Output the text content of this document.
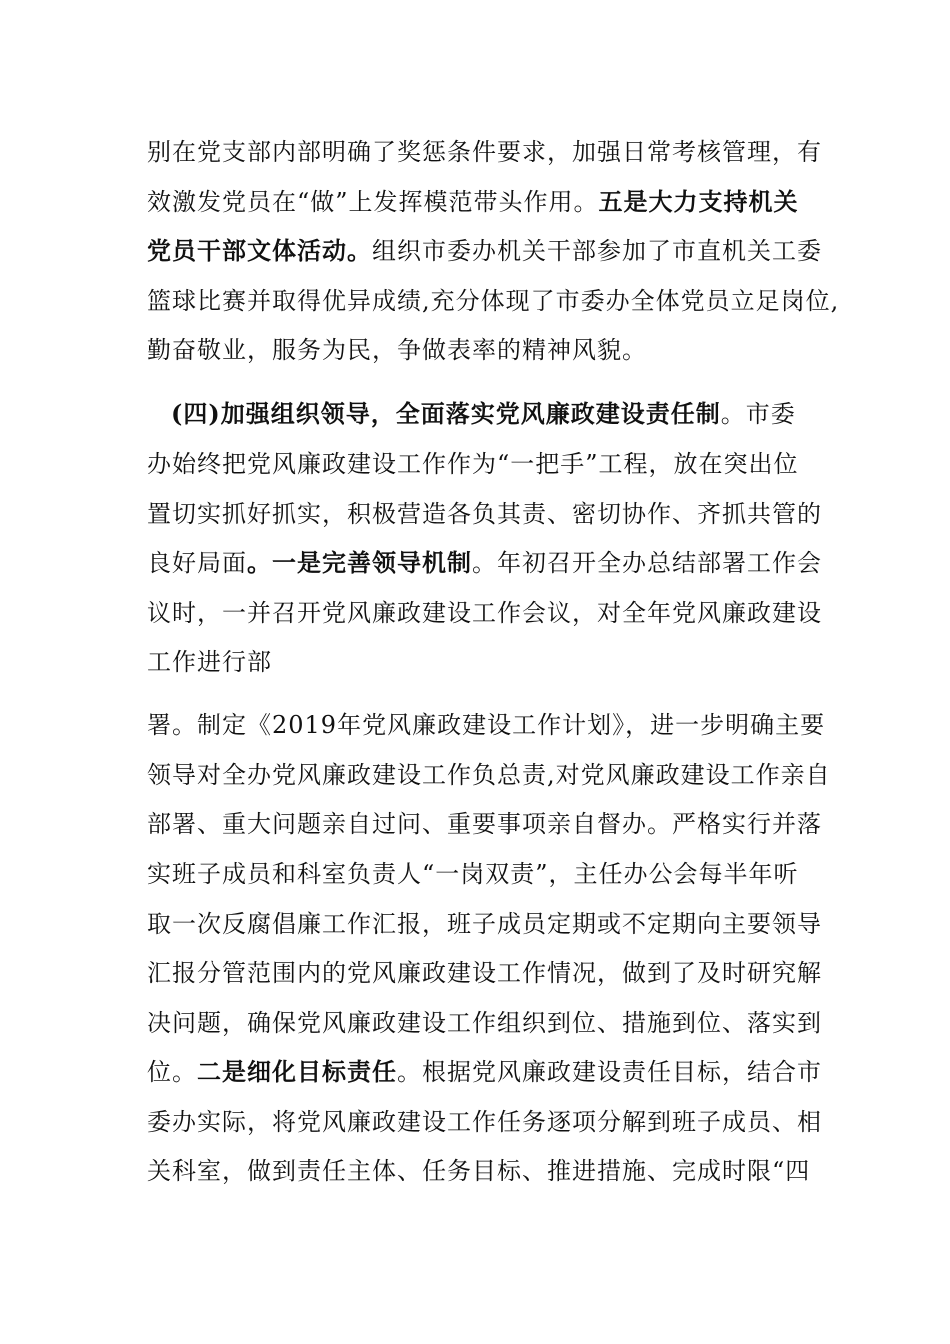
别在党支部内部明确了奖惩条件要求，加强日常考核管理，有
效激发党员在“做”上发挥模范带头作用。五是大力支持机关
党员干部文体活动。组织市委办机关干部参加了市直机关工委
篮球比赛并取得优异成绩,充分体现了市委办全体党员立足岗位,
勤奋敬业，服务为民，争做表率的精神风貌。
(四)加强组织领导，全面落实党风廉政建设责任制。市委
办始终把党风廉政建设工作作为“一把手”工程，放在突出位
置切实抓好抓实，积极营造各负其责、密切协作、齐抓共管的
良好局面。一是完善领导机制。年初召开全办总结部署工作会
议时，一并召开党风廉政建设工作会议，对全年党风廉政建设
工作进行部
署。制定《2019年党风廉政建设工作计划》，进一步明确主要
领导对全办党风廉政建设工作负总责,对党风廉政建设工作亲自
部署、重大问题亲自过问、重要事项亲自督办。严格实行并落
实班子成员和科室负责人“一岗双责”，主任办公会每半年听
取一次反腐倡廉工作汇报，班子成员定期或不定期向主要领导
汇报分管范围内的党风廉政建设工作情况，做到了及时研究解
决问题，确保党风廉政建设工作组织到位、措施到位、落实到
位。二是细化目标责任。根据党风廉政建设责任目标，结合市
委办实际，将党风廉政建设工作任务逐项分解到班子成员、相
关科室，做到责任主体、任务目标、推进措施、完成时限“四
